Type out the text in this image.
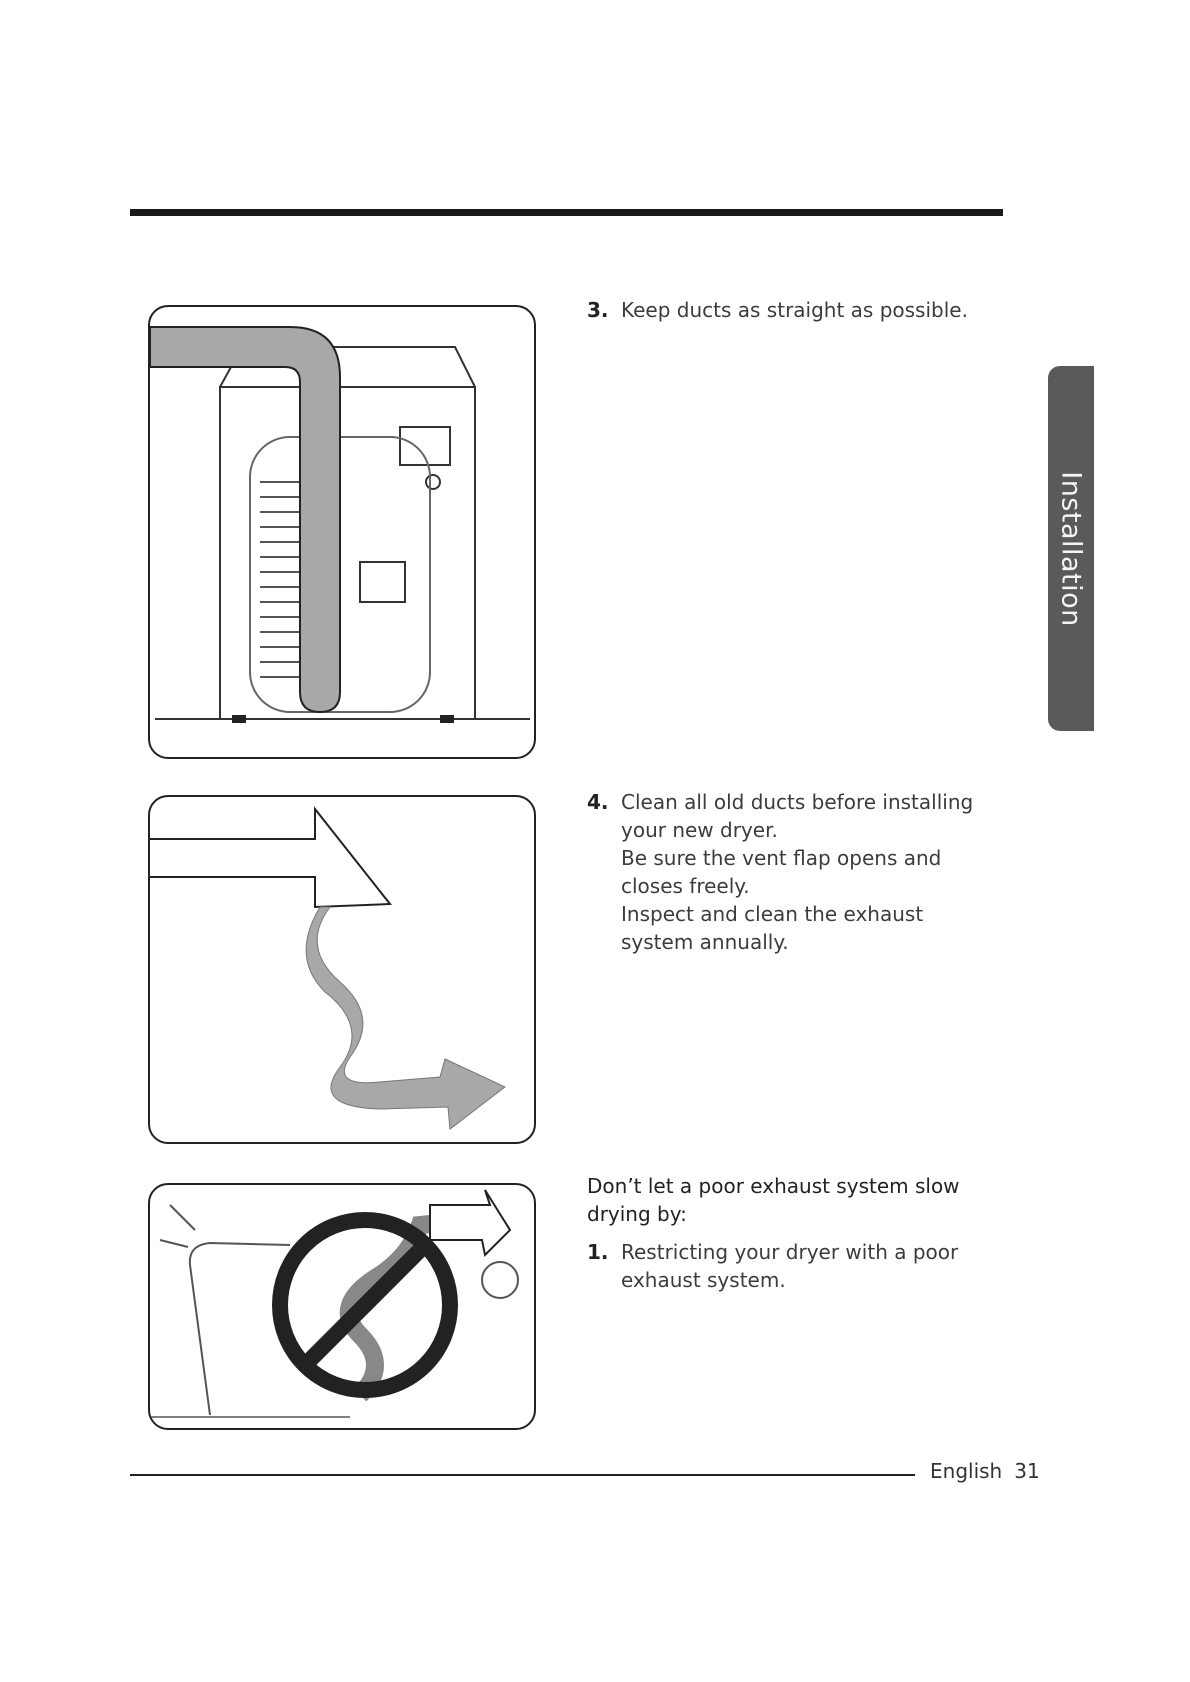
Installation
3. Keep ducts as straight as possible.

4. Clean all old ducts before installing your new dryer.

Be sure the vent flap opens and closes freely.

Inspect and clean the exhaust system annually.

Don’t let a poor exhaust system slow drying by:
1. Restricting your dryer with a poor exhaust system.

English 31
